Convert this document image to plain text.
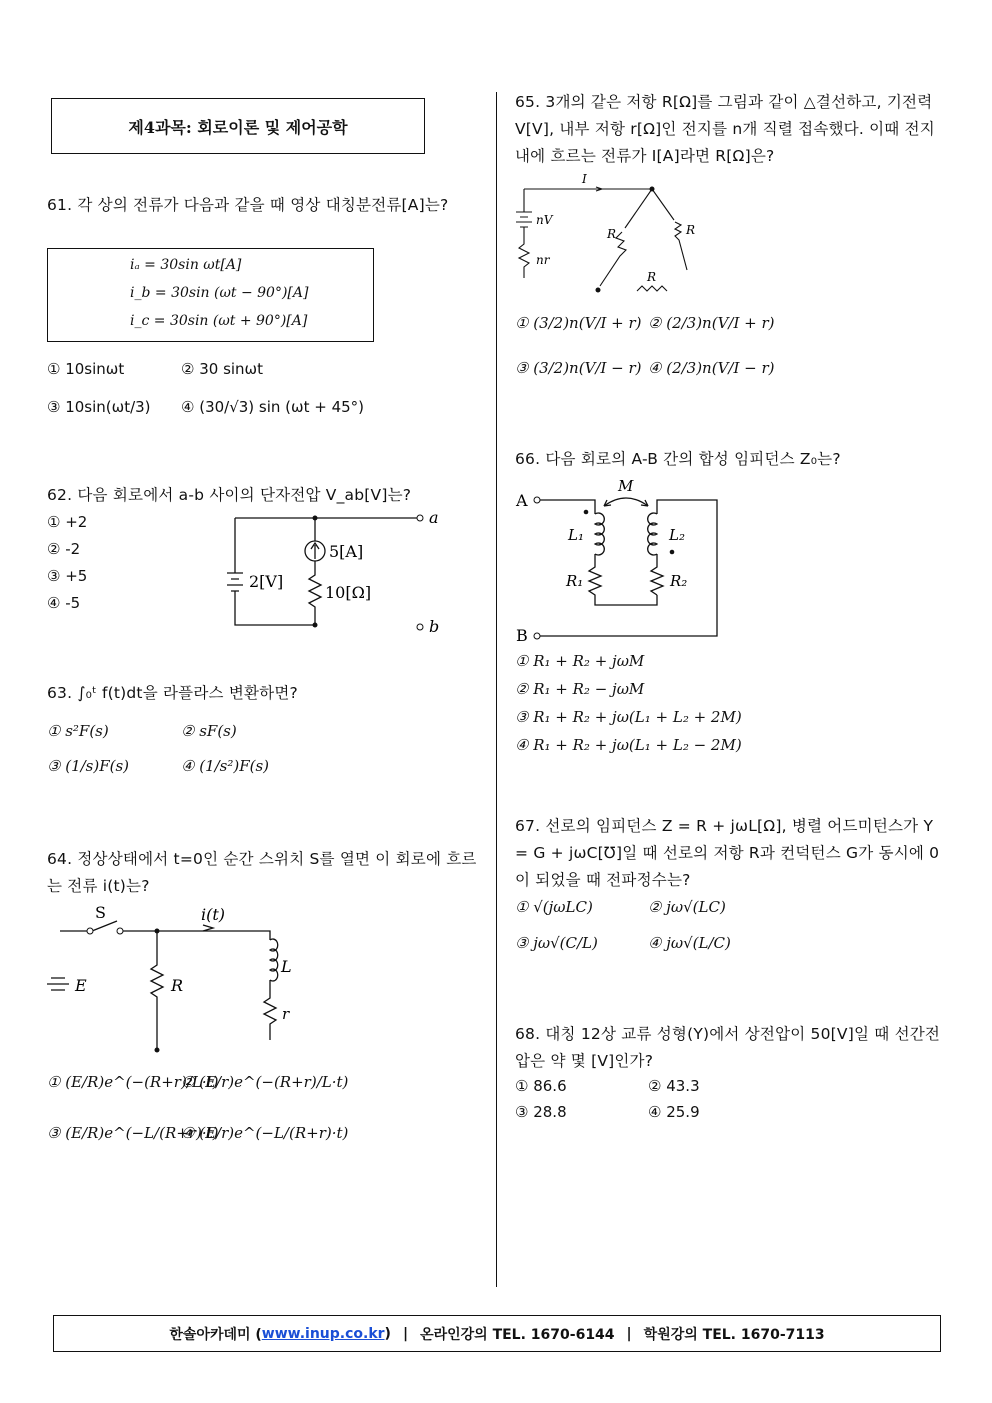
제4과목: 회로이론 및 제어공학
61. 각 상의 전류가 다음과 같을 때 영상 대칭분전류[A]는?
iₐ = 30sin ωt[A]
i_b = 30sin (ωt − 90°)[A]
i_c = 30sin (ωt + 90°)[A]
① 10sinωt	② 30 sinωt
③ 10sin(ωt/3) ④ (30/√3) sin (ωt + 45°)
62. 다음 회로에서 a-b 사이의 단자전압 V_ab[V]는?
① +2
② -2
③ +5
④ -5
5[A]
2[V]
10[Ω]
a
b
63. ∫₀ᵗ f(t)dt을 라플라스 변환하면?
① s²F(s)	② sF(s)
③ (1/s)F(s)	④ (1/s²)F(s)
64. 정상상태에서 t=0인 순간 스위치 S를 열면 이 회로에 흐르는 전류 i(t)는?
S	i(t)
E	R
L
r
① (E/R)e^(−(R+r)/L·t)
② (E/r)e^(−(R+r)/L·t)
③ (E/R)e^(−L/(R+r)·t)
④ (E/r)e^(−L/(R+r)·t)
65. 3개의 같은 저항 R[Ω]를 그림과 같이 △결선하고, 기전력 V[V], 내부 저항 r[Ω]인 전지를 n개 직렬 접속했다. 이때 전지 내에 흐르는 전류가 I[A]라면 R[Ω]은?
I
nV
nr
R	R
R
① (3/2)n(V/I + r) ② (2/3)n(V/I + r)
③ (3/2)n(V/I − r) ④ (2/3)n(V/I − r)
66. 다음 회로의 A-B 간의 합성 임피던스 Z₀는?
A
B
M
L₁	L₂
R₁	R₂
① R₁ + R₂ + jωM
② R₁ + R₂ − jωM
③ R₁ + R₂ + jω(L₁ + L₂ + 2M)
④ R₁ + R₂ + jω(L₁ + L₂ − 2M)
67. 선로의 임피던스 Z = R + jωL[Ω], 병렬 어드미턴스가 Y = G + jωC[℧]일 때 선로의 저항 R과 컨덕턴스 G가 동시에 0이 되었을 때 전파정수는?
① √(jωLC)	② jω√(LC)
③ jω√(C/L)	④ jω√(L/C)
68. 대칭 12상 교류 성형(Y)에서 상전압이 50[V]일 때 선간전압은 약 몇 [V]인가?
① 86.6	② 43.3
③ 28.8	④ 25.9
한솔아카데미 ( www.inup.co.kr ) | 온라인강의 TEL. 1670-6144 | 학원강의 TEL. 1670-7113
